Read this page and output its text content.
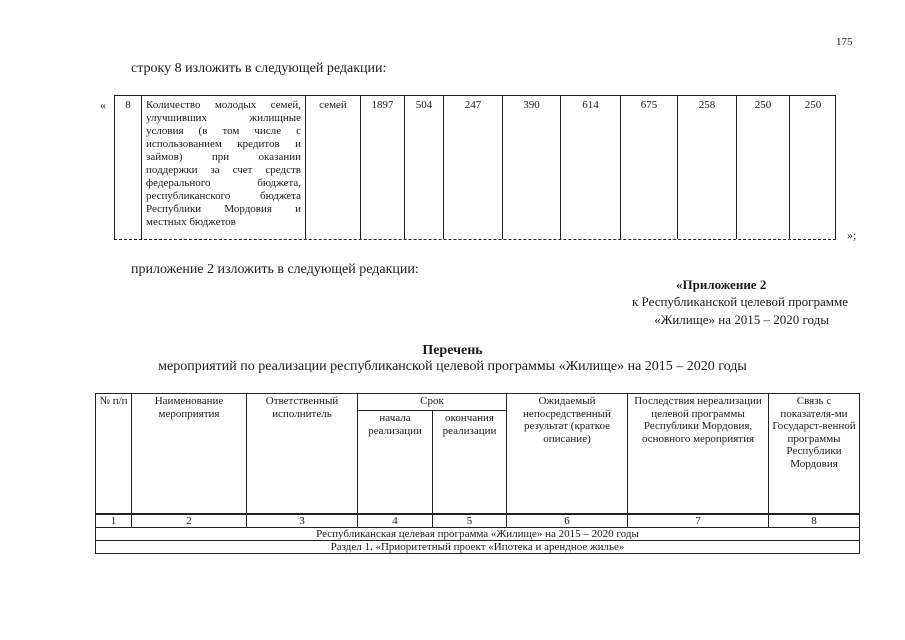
175
строку 8 изложить в следующей редакции:
«	8	Количество молодых семей,
улучшивших жилищные
условия (в том числе с
использованием кредитов и
займов) при оказании
поддержки за счет средств
федерального бюджета,
республиканского бюджета
Республики Мордовия и
местных бюджетов
семей	1897	504	247	390	614	675	258	250	250
»;
приложение 2 изложить в следующей редакции:
«Приложение 2
к Республиканской целевой программе
«Жилище» на 2015 – 2020 годы
Перечень
мероприятий по реализации республиканской целевой программы «Жилище» на 2015 – 2020 годы
№ п/п	Наименование мероприятия	Ответственный исполнитель	Срок		Ожидаемый непосредственный результат (краткое описание)	Последствия нереализации целевой программы Республики Мордовия, основного мероприятия	Связь с показателя-ми Государст-венной программы Республики Мордовия
			начала реализации	окончания реализации			
1	2	3	4	5	6	7	8
Республиканская целевая программа «Жилище» на 2015 – 2020 годы							
Раздел 1. «Приоритетный проект «Ипотека и арендное жилье»							
